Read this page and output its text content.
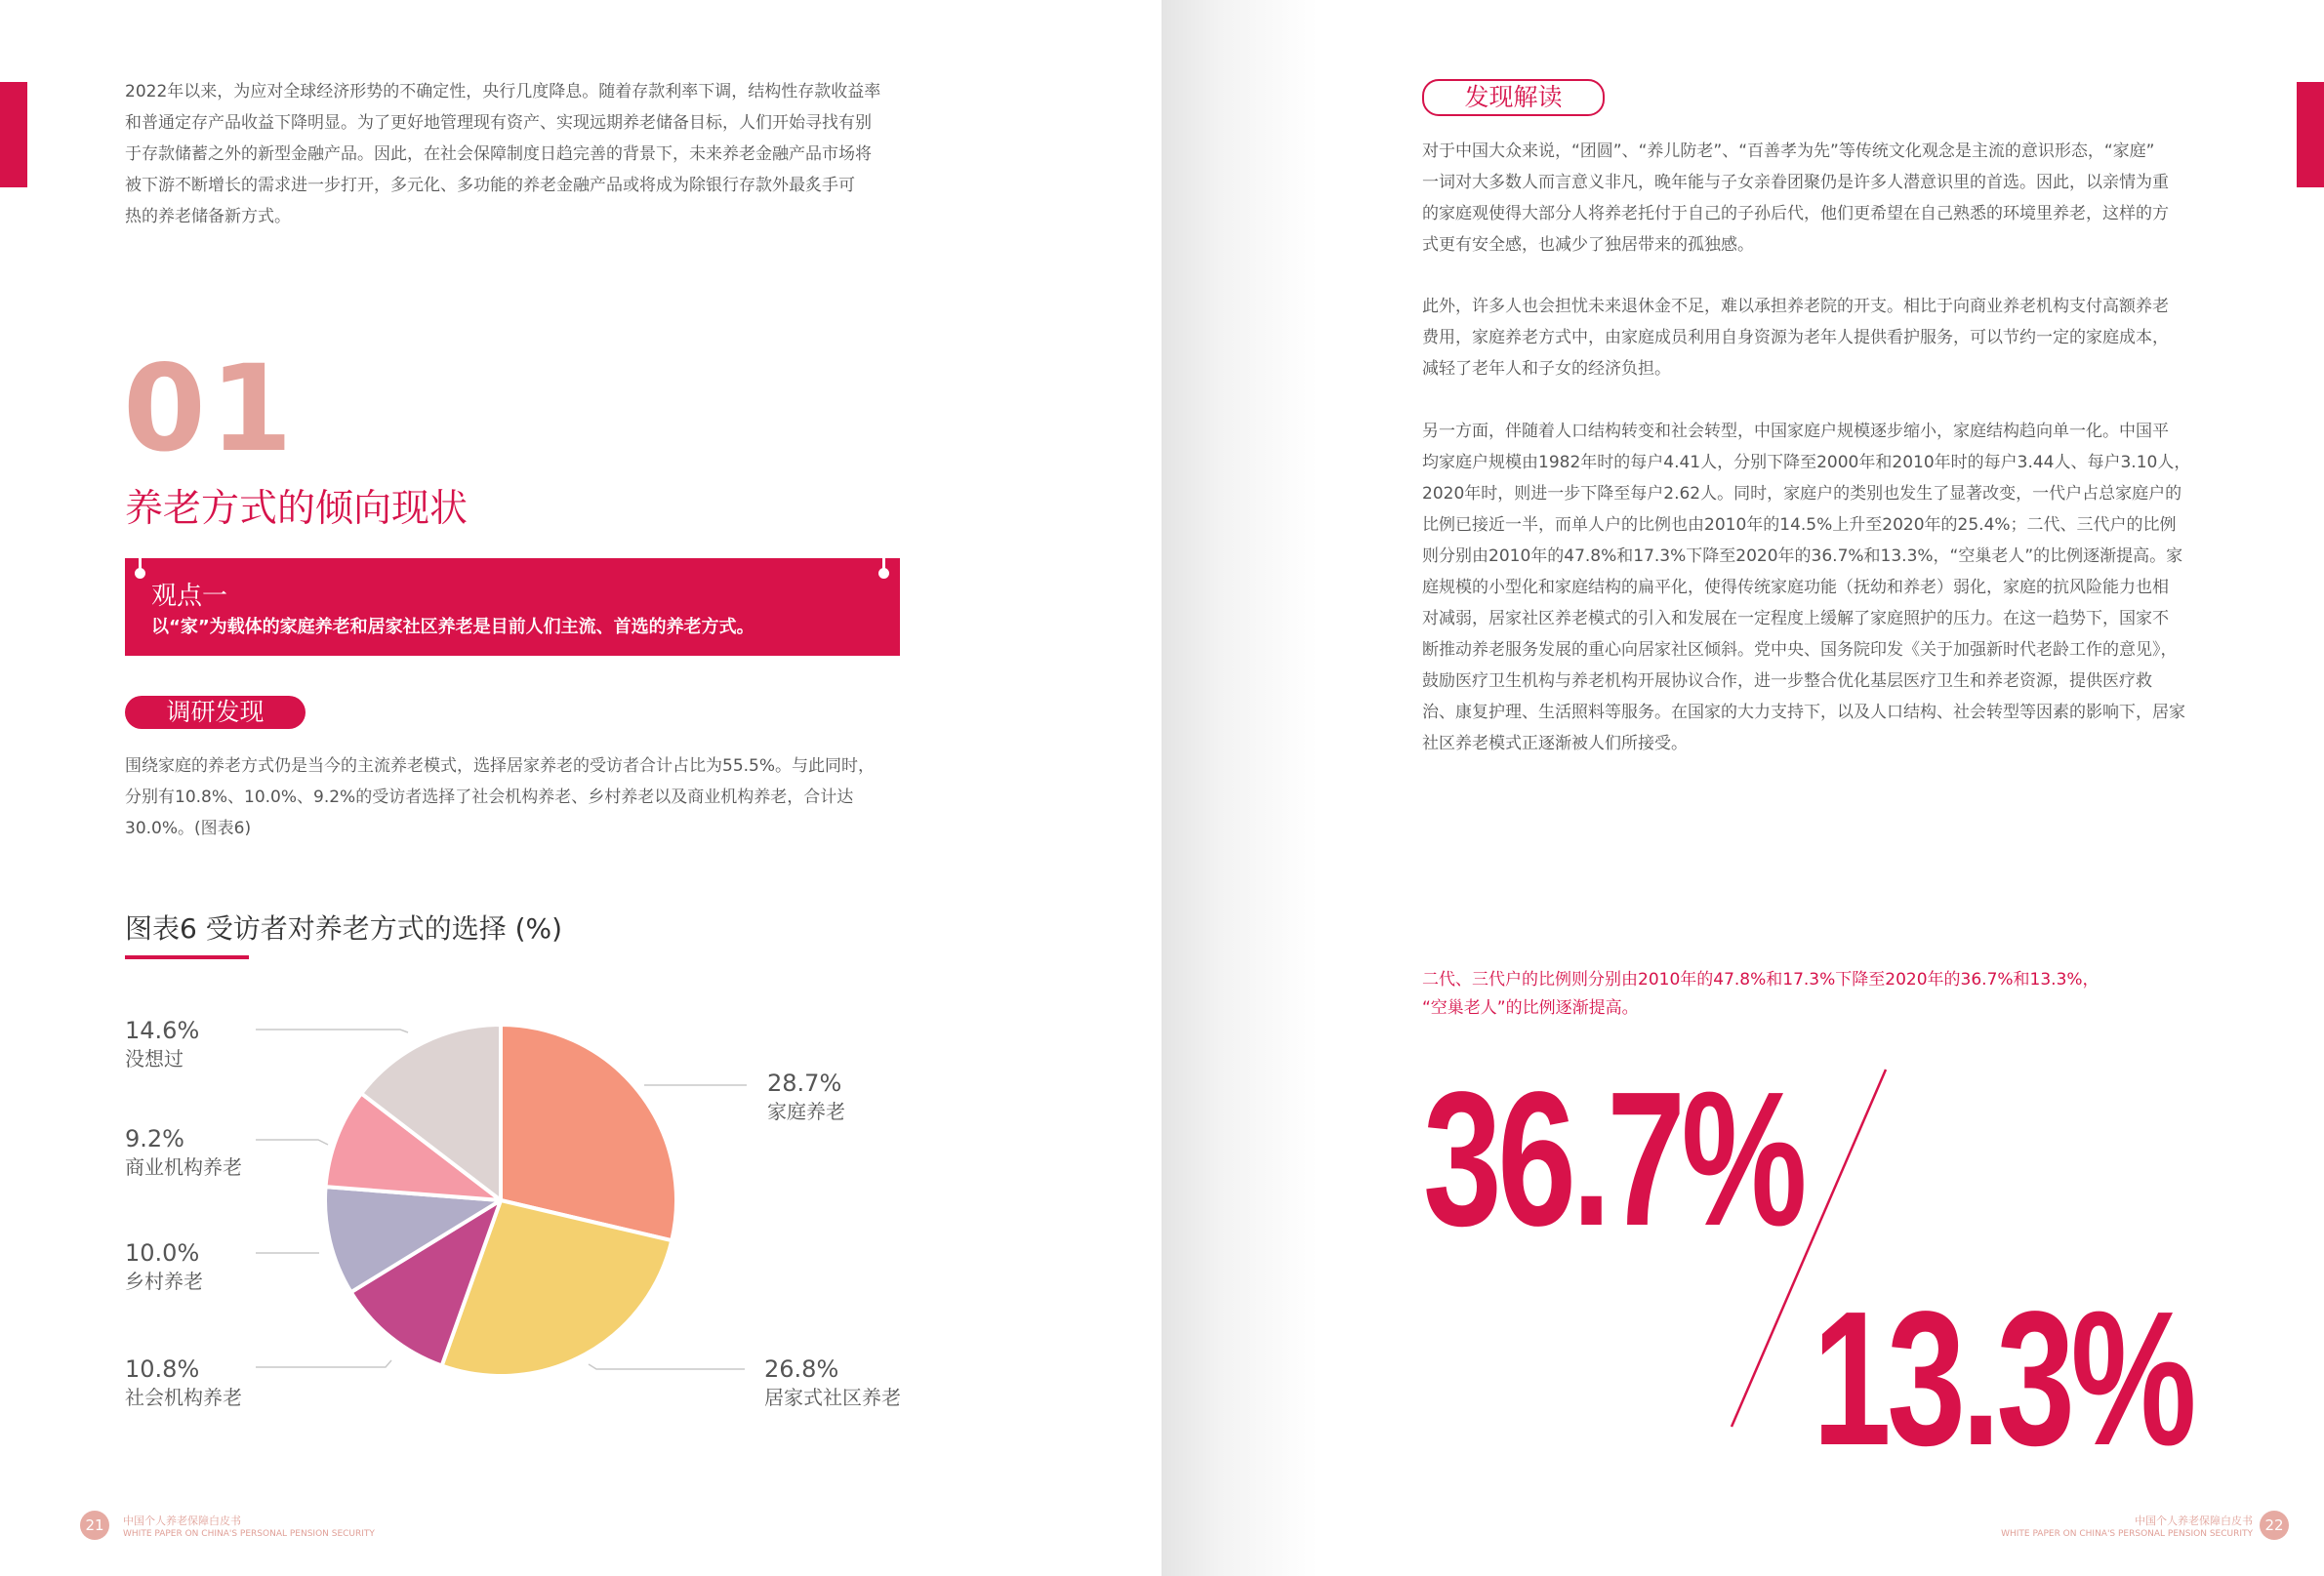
2022年以来，为应对全球经济形势的不确定性，央行几度降息。随着存款利率下调，结构性存款收益率
和普通定存产品收益下降明显。为了更好地管理现有资产、实现远期养老储备目标，人们开始寻找有别
于存款储蓄之外的新型金融产品。因此，在社会保障制度日趋完善的背景下，未来养老金融产品市场将
被下游不断增长的需求进一步打开，多元化、多功能的养老金融产品或将成为除银行存款外最炙手可
热的养老储备新方式。
01
养老方式的倾向现状
观点一
以“家”为载体的家庭养老和居家社区养老是目前人们主流、首选的养老方式。
调研发现
围绕家庭的养老方式仍是当今的主流养老模式，选择居家养老的受访者合计占比为55.5%。与此同时，
分别有10.8%、10.0%、9.2%的受访者选择了社会机构养老、乡村养老以及商业机构养老，合计达
30.0%。(图表6)
图表6 受访者对养老方式的选择 (%)
28.7%
家庭养老
26.8%
居家式社区养老
10.8%
社会机构养老
10.0%
乡村养老
9.2%
商业机构养老
14.6%
没想过
21	中国个人养老保障白皮书
WHITE PAPER ON CHINA'S PERSONAL PENSION SECURITY
发现解读
对于中国大众来说，“团圆”、“养儿防老”、“百善孝为先”等传统文化观念是主流的意识形态，“家庭”
一词对大多数人而言意义非凡，晚年能与子女亲眷团聚仍是许多人潜意识里的首选。因此，以亲情为重
的家庭观使得大部分人将养老托付于自己的子孙后代，他们更希望在自己熟悉的环境里养老，这样的方
式更有安全感，也减少了独居带来的孤独感。
此外，许多人也会担忧未来退休金不足，难以承担养老院的开支。相比于向商业养老机构支付高额养老
费用，家庭养老方式中，由家庭成员利用自身资源为老年人提供看护服务，可以节约一定的家庭成本，
减轻了老年人和子女的经济负担。
另一方面，伴随着人口结构转变和社会转型，中国家庭户规模逐步缩小，家庭结构趋向单一化。中国平
均家庭户规模由1982年时的每户4.41人，分别下降至2000年和2010年时的每户3.44人、每户3.10人，
2020年时，则进一步下降至每户2.62人。同时，家庭户的类别也发生了显著改变，一代户占总家庭户的
比例已接近一半，而单人户的比例也由2010年的14.5%上升至2020年的25.4%；二代、三代户的比例
则分别由2010年的47.8%和17.3%下降至2020年的36.7%和13.3%，“空巢老人”的比例逐渐提高。家
庭规模的小型化和家庭结构的扁平化，使得传统家庭功能（抚幼和养老）弱化，家庭的抗风险能力也相
对减弱，居家社区养老模式的引入和发展在一定程度上缓解了家庭照护的压力。在这一趋势下，国家不
断推动养老服务发展的重心向居家社区倾斜。党中央、国务院印发《关于加强新时代老龄工作的意见》，
鼓励医疗卫生机构与养老机构开展协议合作，进一步整合优化基层医疗卫生和养老资源，提供医疗救
治、康复护理、生活照料等服务。在国家的大力支持下，以及人口结构、社会转型等因素的影响下，居家
社区养老模式正逐渐被人们所接受。
二代、三代户的比例则分别由2010年的47.8%和17.3%下降至2020年的36.7%和13.3%，
“空巢老人”的比例逐渐提高。
36.7%
13.3%
中国个人养老保障白皮书
WHITE PAPER ON CHINA'S PERSONAL PENSION SECURITY 22
